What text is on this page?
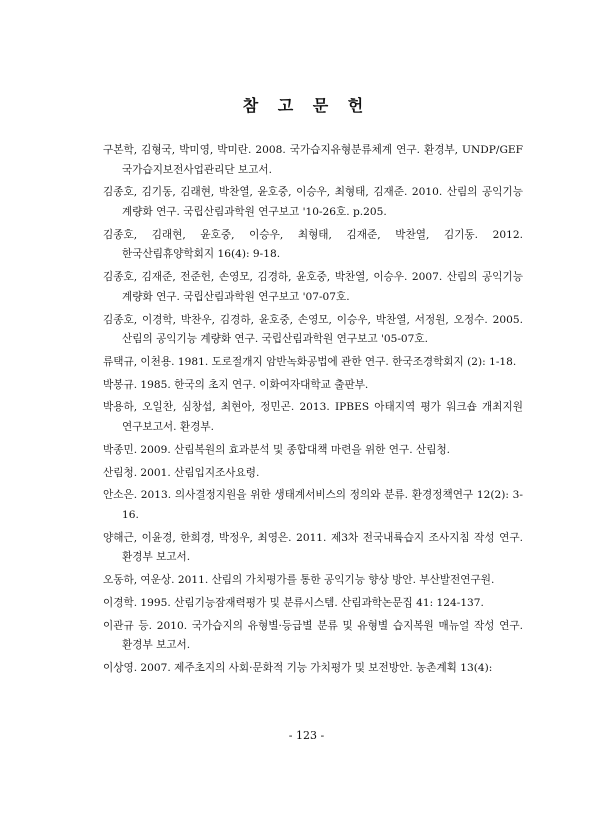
참 고 문 헌

구본학, 김형국, 박미영, 박미란. 2008. 국가습지유형분류체계 연구. 환경부, UNDP/GEF 국가습지보전사업관리단 보고서.

김종호, 김기동, 김래현, 박찬열, 윤호중, 이승우, 최형태, 김재준. 2010. 산림의 공익기능 계량화 연구. 국립산림과학원 연구보고 '10-26호. p.205.

김종호, 김래현, 윤호중, 이승우, 최형태, 김재준, 박찬열, 김기동. 2012. 한국산림휴양학회지 16(4): 9-18.

김종호, 김재준, 전준헌, 손영모, 김경하, 윤호중, 박찬열, 이승우. 2007. 산림의 공익기능 계량화 연구. 국립산림과학원 연구보고 '07-07호.

김종호, 이경학, 박찬우, 김경하, 윤호중, 손영모, 이승우, 박찬열, 서정원, 오정수. 2005. 산림의 공익기능 계량화 연구. 국립산림과학원 연구보고 '05-07호.

류택규, 이천용. 1981. 도로절개지 암반녹화공법에 관한 연구. 한국조경학회지 (2): 1-18.

박봉규. 1985. 한국의 초지 연구. 이화여자대학교 출판부.

박용하, 오일찬, 심창섭, 최현아, 정민곤. 2013. IPBES 아태지역 평가 워크숍 개최지원 연구보고서. 환경부.

박종민. 2009. 산림복원의 효과분석 및 종합대책 마련을 위한 연구. 산림청.

산림청. 2001. 산림입지조사요령.

안소은. 2013. 의사결정지원을 위한 생태계서비스의 정의와 분류. 환경정책연구 12(2): 3-16.

양해근, 이윤경, 한희경, 박정우, 최영은. 2011. 제3차 전국내륙습지 조사지침 작성 연구. 환경부 보고서.

오동하, 여운상. 2011. 산림의 가치평가를 통한 공익기능 향상 방안. 부산발전연구원.

이경학. 1995. 산림기능잠재력평가 및 분류시스템. 산림과학논문집 41: 124-137.

이관규 등. 2010. 국가습지의 유형별·등급별 분류 및 유형별 습지복원 매뉴얼 작성 연구. 환경부 보고서.

이상영. 2007. 제주초지의 사회·문화적 기능 가치평가 및 보전방안. 농촌계획 13(4):

- 123 -
